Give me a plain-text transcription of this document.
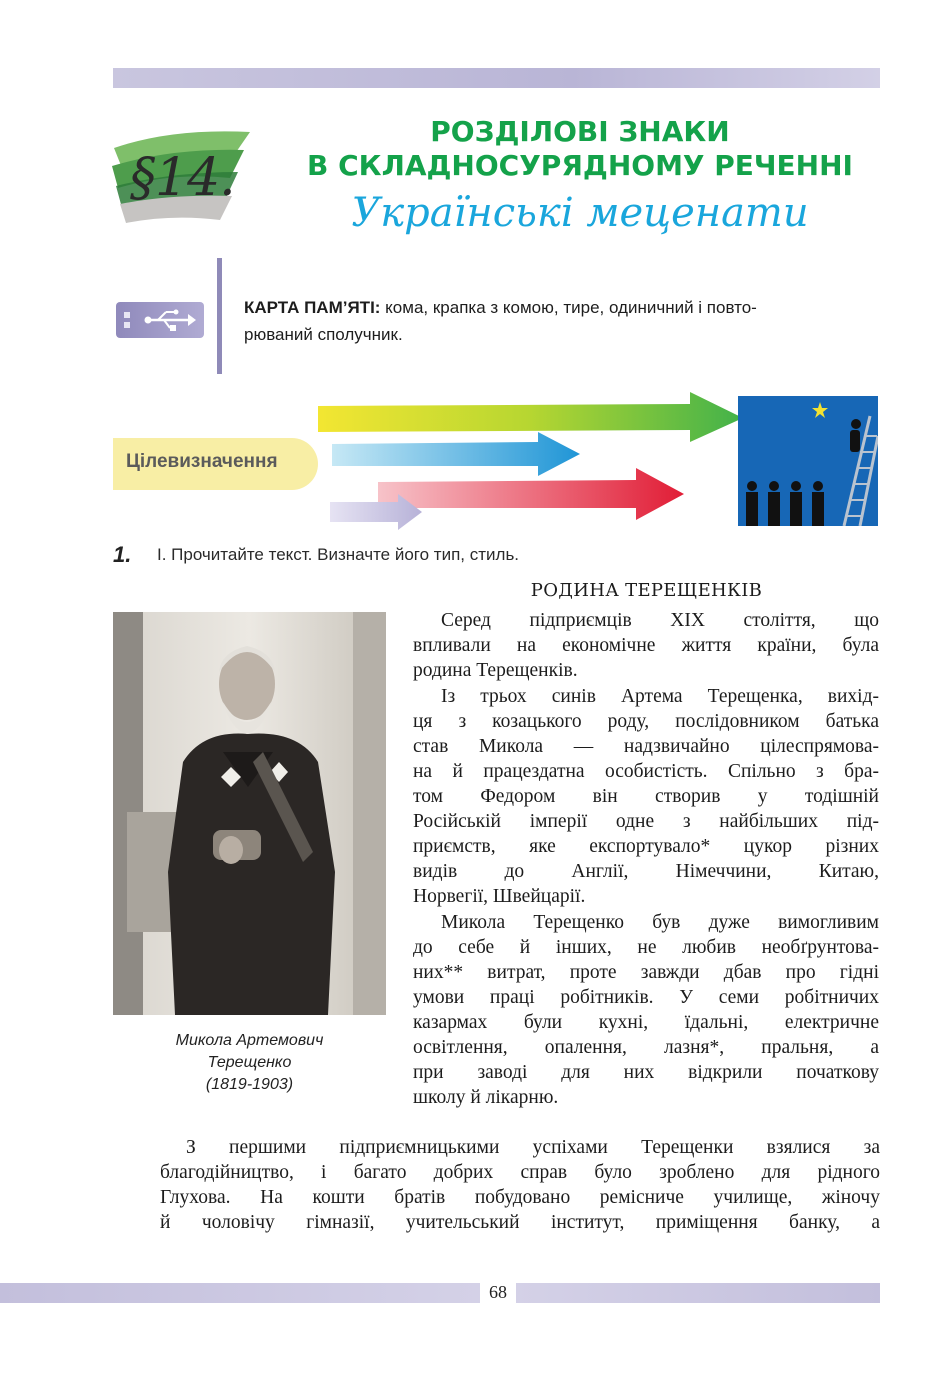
§14.
РОЗДІЛОВІ ЗНАКИ
В СКЛАДНОСУРЯДНОМУ РЕЧЕННІ
Українські меценати
КАРТА ПАМ’ЯТІ: кома, крапка з комою, тире, одиничний і повто-
рюваний сполучник.
Цілевизначення
1. І. Прочитайте текст. Визначте його тип, стиль.
РОДИНА ТЕРЕЩЕНКІВ
Микола Артемович
Терещенко
(1819-1903)
Серед підприємців XIX століття, що
впливали на економічне життя країни, була
родина Терещенків.
Із трьох синів Артема Терещенка, вихід-
ця з козацького роду, послідовником батька
став Микола — надзвичайно цілеспрямова-
на й працездатна особистість. Спільно з бра-
том Федором він створив у тодішній
Російській імперії одне з найбільших під-
приємств, яке експортувало* цукор різних
видів до Англії, Німеччини, Китаю,
Норвегії, Швейцарії.
Микола Терещенко був дуже вимогливим
до себе й інших, не любив необґрунтова-
них** витрат, проте завжди дбав про гідні
умови праці робітників. У семи робітничих
казармах були кухні, їдальні, електричне
освітлення, опалення, лазня*, пральня, а
при заводі для них відкрили початкову
школу й лікарню.
З першими підприємницькими успіхами Терещенки взялися за
благодійництво, і багато добрих справ було зроблено для рідного
Глухова. На кошти братів побудовано ремісниче училище, жіночу
й чоловічу гімназії, учительський інститут, приміщення банку, а
68
